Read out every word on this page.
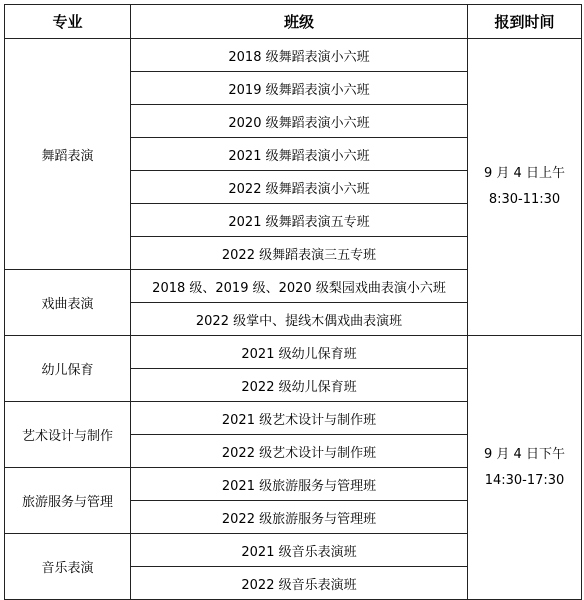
专业	班级	报到时间
舞蹈表演	2018 级舞蹈表演小六班	9 月 4 日上午
8:30-11:30

	2019 级舞蹈表演小六班	
	2020 级舞蹈表演小六班	
	2021 级舞蹈表演小六班	
	2022 级舞蹈表演小六班	
	2021 级舞蹈表演五专班	
	2022 级舞蹈表演三五专班	
戏曲表演	2018 级、2019 级、2020 级梨园戏曲表演小六班	
	2022 级掌中、提线木偶戏曲表演班	
幼儿保育	2021 级幼儿保育班	9 月 4 日下午
14:30-17:30

	2022 级幼儿保育班	
艺术设计与制作	2021 级艺术设计与制作班	
	2022 级艺术设计与制作班	
旅游服务与管理	2021 级旅游服务与管理班	
	2022 级旅游服务与管理班	
音乐表演	2021 级音乐表演班	
	2022 级音乐表演班	
